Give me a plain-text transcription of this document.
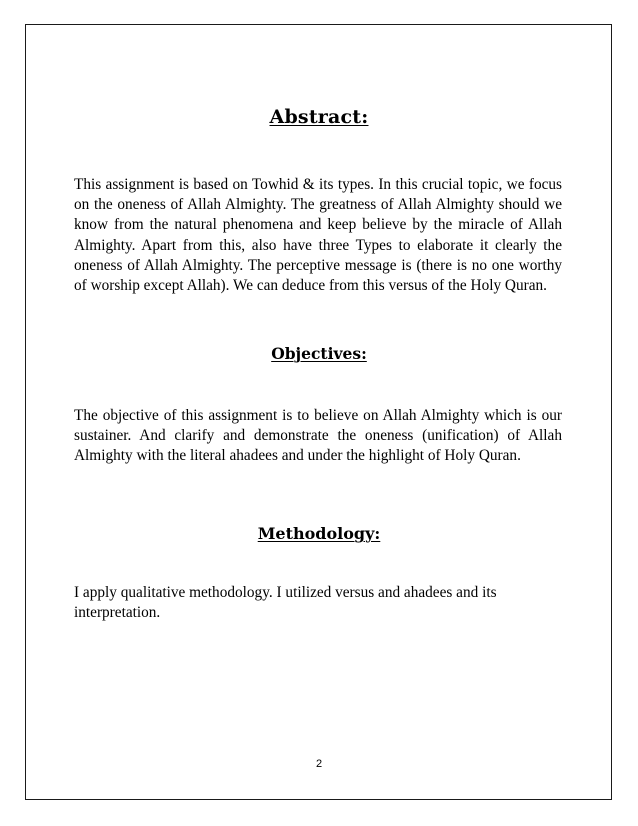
Abstract:

This assignment is based on Towhid & its types. In this crucial topic, we focus on the oneness of Allah Almighty. The greatness of Allah Almighty should we know from the natural phenomena and keep believe by the miracle of Allah Almighty. Apart from this, also have three Types to elaborate it clearly the oneness of Allah Almighty. The perceptive message is (there is no one worthy of worship except Allah). We can deduce from this versus of the Holy Quran.

Objectives:

The objective of this assignment is to believe on Allah Almighty which is our sustainer. And clarify and demonstrate the oneness (unification) of Allah Almighty with the literal ahadees and under the highlight of Holy Quran.

Methodology:

I apply qualitative methodology. I utilized versus and ahadees and its interpretation.

2
